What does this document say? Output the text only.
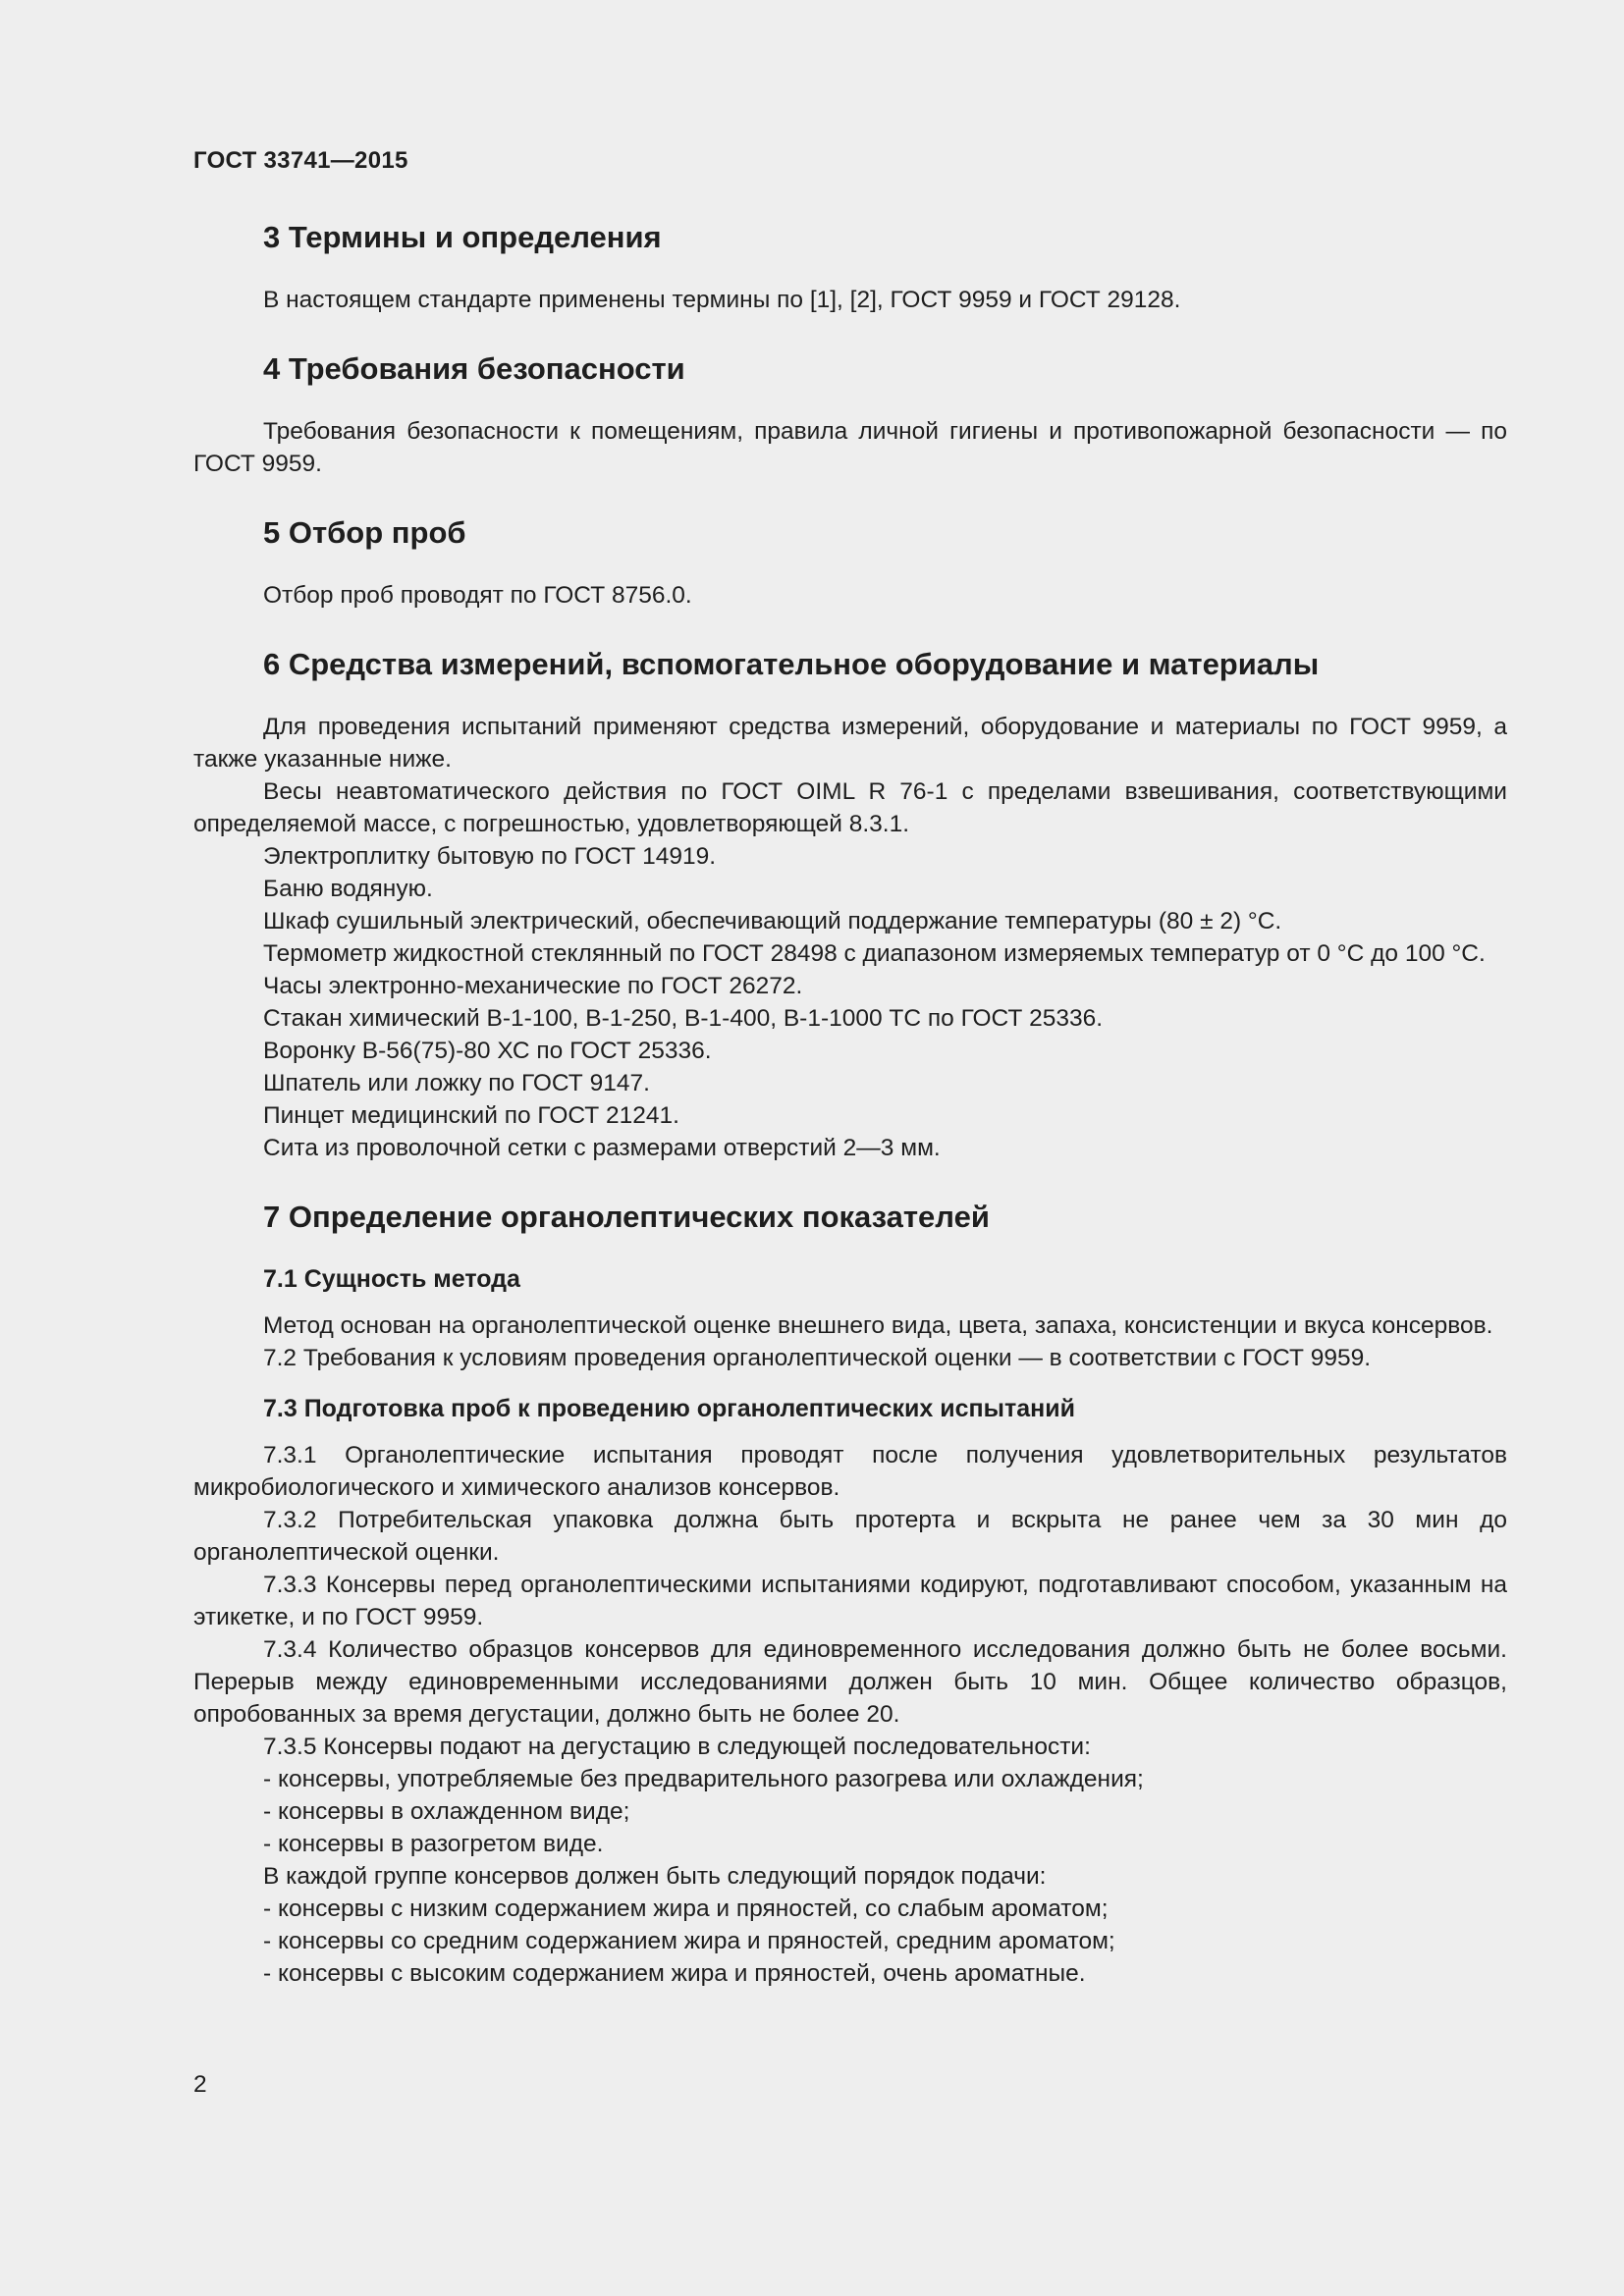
ГОСТ 33741—2015
3 Термины и определения

В настоящем стандарте применены термины по [1], [2], ГОСТ 9959 и ГОСТ 29128.

4 Требования безопасности

Требования безопасности к помещениям, правила личной гигиены и противопожарной безопасности — по ГОСТ 9959.

5 Отбор проб

Отбор проб проводят по ГОСТ 8756.0.

6 Средства измерений, вспомогательное оборудование и материалы

Для проведения испытаний применяют средства измерений, оборудование и материалы по ГОСТ 9959, а также указанные ниже.

Весы неавтоматического действия по ГОСТ OIML R 76-1 с пределами взвешивания, соответствующими определяемой массе, с погрешностью, удовлетворяющей 8.3.1.

Электроплитку бытовую по ГОСТ 14919.

Баню водяную.

Шкаф сушильный электрический, обеспечивающий поддержание температуры (80 ± 2) °С.

Термометр жидкостной стеклянный по ГОСТ 28498 с диапазоном измеряемых температур от 0 °С до 100 °С.

Часы электронно-механические по ГОСТ 26272.

Стакан химический В-1-100, В-1-250, В-1-400, В-1-1000 ТС по ГОСТ 25336.

Воронку В-56(75)-80 ХС по ГОСТ 25336.

Шпатель или ложку по ГОСТ 9147.

Пинцет медицинский по ГОСТ 21241.

Сита из проволочной сетки с размерами отверстий 2—3 мм.

7 Определение органолептических показателей
7.1 Сущность метода

Метод основан на органолептической оценке внешнего вида, цвета, запаха, консистенции и вкуса консервов.

7.2 Требования к условиям проведения органолептической оценки — в соответствии с ГОСТ 9959.

7.3 Подготовка проб к проведению органолептических испытаний

7.3.1 Органолептические испытания проводят после получения удовлетворительных результатов микробиологического и химического анализов консервов.

7.3.2 Потребительская упаковка должна быть протерта и вскрыта не ранее чем за 30 мин до органолептической оценки.

7.3.3 Консервы перед органолептическими испытаниями кодируют, подготавливают способом, указанным на этикетке, и по ГОСТ 9959.

7.3.4 Количество образцов консервов для единовременного исследования должно быть не более восьми. Перерыв между единовременными исследованиями должен быть 10 мин. Общее количество образцов, опробованных за время дегустации, должно быть не более 20.

7.3.5 Консервы подают на дегустацию в следующей последовательности:

- консервы, употребляемые без предварительного разогрева или охлаждения;
- консервы в охлажденном виде;
- консервы в разогретом виде.
В каждой группе консервов должен быть следующий порядок подачи:
- консервы с низким содержанием жира и пряностей, со слабым ароматом;
- консервы со средним содержанием жира и пряностей, средним ароматом;
- консервы с высоким содержанием жира и пряностей, очень ароматные.
2
